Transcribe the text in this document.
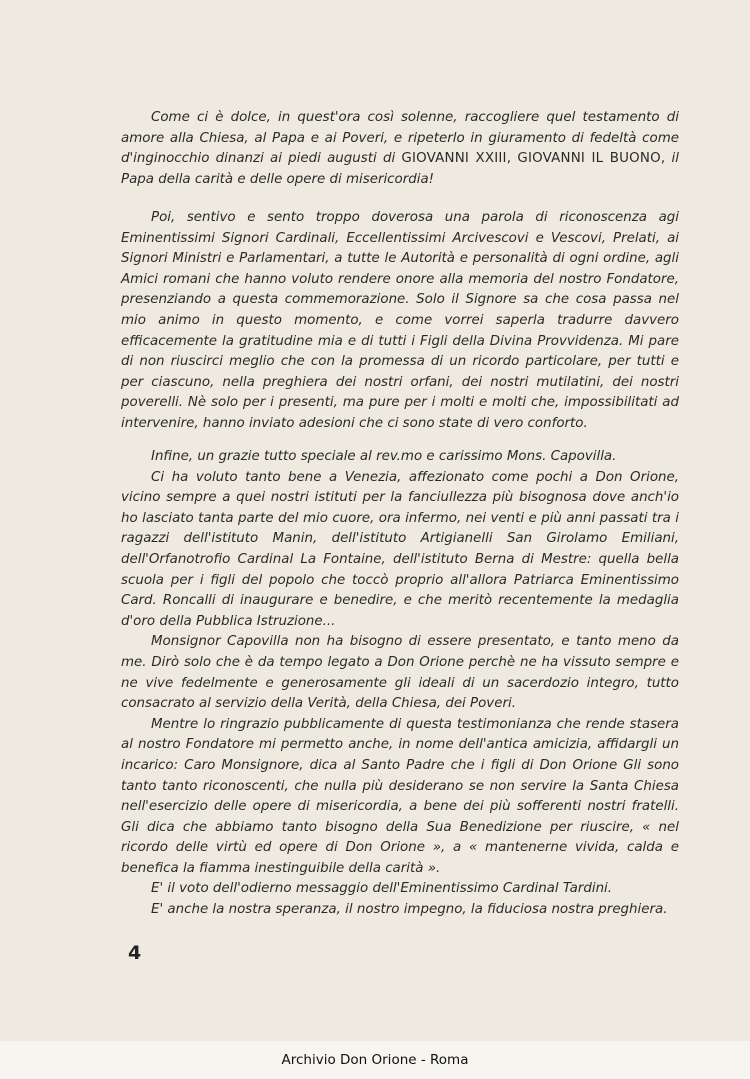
Come ci è dolce, in quest'ora così solenne, raccogliere quel testamento di amore alla Chiesa, al Papa e ai Poveri, e ripeterlo in giuramento di fedeltà come d'inginocchio dinanzi ai piedi augusti di GIOVANNI XXIII, GIOVANNI IL BUONO, il Papa della carità e delle opere di misericordia!

Poi, sentivo e sento troppo doverosa una parola di riconoscenza agi Eminentissimi Signori Cardinali, Eccellentissimi Arcivescovi e Vescovi, Prelati, ai Signori Ministri e Parlamentari, a tutte le Autorità e personalità di ogni ordine, agli Amici romani che hanno voluto rendere onore alla memoria del nostro Fondatore, presenziando a questa commemorazione. Solo il Signore sa che cosa passa nel mio animo in questo momento, e come vorrei saperla tradurre davvero efficacemente la gratitudine mia e di tutti i Figli della Divina Provvidenza. Mi pare di non riuscirci meglio che con la promessa di un ricordo particolare, per tutti e per ciascuno, nella preghiera dei nostri orfani, dei nostri mutilatini, dei nostri poverelli. Nè solo per i presenti, ma pure per i molti e molti che, impossibilitati ad intervenire, hanno inviato adesioni che ci sono state di vero conforto.

Infine, un grazie tutto speciale al rev.mo e carissimo Mons. Capovilla.

Ci ha voluto tanto bene a Venezia, affezionato come pochi a Don Orione, vicino sempre a quei nostri istituti per la fanciullezza più bisognosa dove anch'io ho lasciato tanta parte del mio cuore, ora infermo, nei venti e più anni passati tra i ragazzi dell'istituto Manin, dell'istituto Artigianelli San Girolamo Emiliani, dell'Orfanotrofio Cardinal La Fontaine, dell'istituto Berna di Mestre: quella bella scuola per i figli del popolo che toccò proprio all'allora Patriarca Eminentissimo Card. Roncalli di inaugurare e benedire, e che meritò recentemente la medaglia d'oro della Pubblica Istruzione...

Monsignor Capovilla non ha bisogno di essere presentato, e tanto meno da me. Dirò solo che è da tempo legato a Don Orione perchè ne ha vissuto sempre e ne vive fedelmente e generosamente gli ideali di un sacerdozio integro, tutto consacrato al servizio della Verità, della Chiesa, dei Poveri.

Mentre lo ringrazio pubblicamente di questa testimonianza che rende stasera al nostro Fondatore mi permetto anche, in nome dell'antica amicizia, affidargli un incarico: Caro Monsignore, dica al Santo Padre che i figli di Don Orione Gli sono tanto tanto riconoscenti, che nulla più desiderano se non servire la Santa Chiesa nell'esercizio delle opere di misericordia, a bene dei più sofferenti nostri fratelli. Gli dica che abbiamo tanto bisogno della Sua Benedizione per riuscire, « nel ricordo delle virtù ed opere di Don Orione », a « mantenerne vivida, calda e benefica la fiamma inestinguibile della carità ».

E' il voto dell'odierno messaggio dell'Eminentissimo Cardinal Tardini.

E' anche la nostra speranza, il nostro impegno, la fiduciosa nostra preghiera.

4
Archivio Don Orione - Roma
